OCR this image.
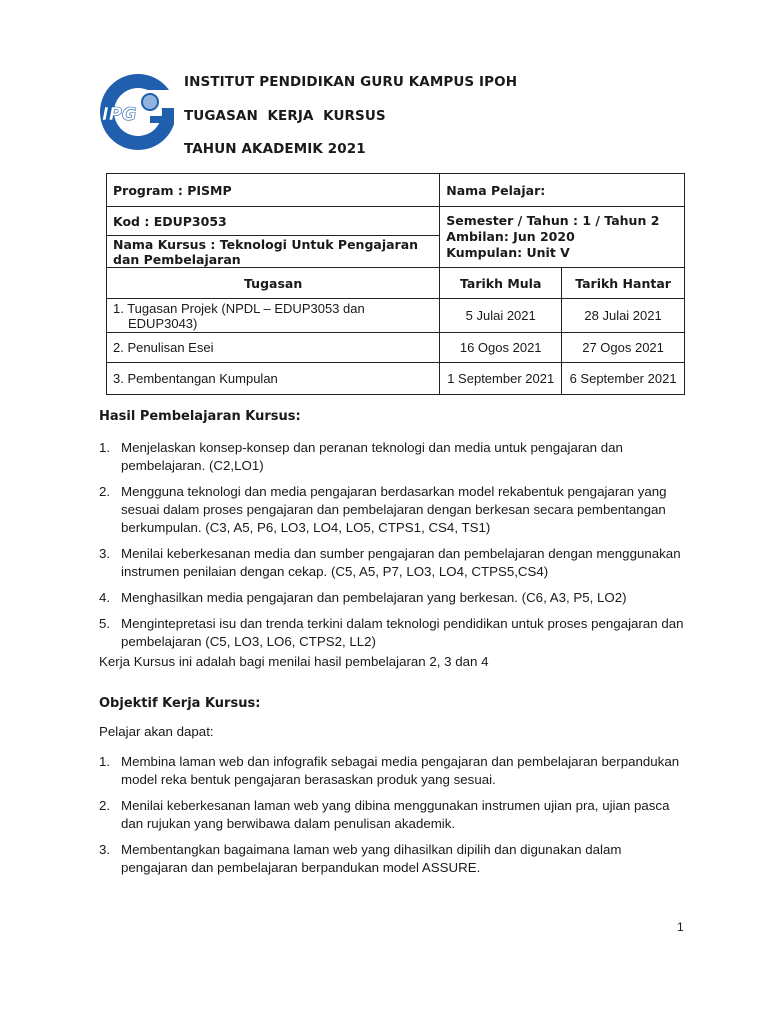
IPG
INSTITUT PENDIDIKAN GURU KAMPUS IPOH
TUGASAN  KERJA  KURSUS
TAHUN AKADEMIK 2021
Program : PISMP	Nama Pelajar:	
Kod : EDUP3053	Semester / Tahun : 1 / Tahun 2
Ambilan: Jun 2020
Kumpulan: Unit V	

Nama Kursus : Teknologi Untuk Pengajaran dan Pembelajaran		
Tugasan	Tarikh Mula	Tarikh Hantar

1. Tugasan Projek (NPDL – EDUP3053 dan
EDUP3043)	5 Julai 2021	28 Julai 2021
2. Penulisan Esei	16 Ogos 2021	27 Ogos 2021
3. Pembentangan Kumpulan	1 September 2021	6 September 2021
Hasil Pembelajaran Kursus:
1. Menjelaskan konsep-konsep dan peranan teknologi dan media untuk pengajaran dan pembelajaran. (C2,LO1)
2. Mengguna teknologi dan media pengajaran berdasarkan model rekabentuk pengajaran yang sesuai dalam proses pengajaran dan pembelajaran dengan berkesan secara pembentangan berkumpulan. (C3, A5, P6, LO3, LO4, LO5, CTPS1, CS4, TS1)
3. Menilai keberkesanan media dan sumber pengajaran dan pembelajaran dengan menggunakan instrumen penilaian dengan cekap. (C5, A5, P7, LO3, LO4, CTPS5,CS4)
4. Menghasilkan media pengajaran dan pembelajaran yang berkesan. (C6, A3, P5, LO2)
5. Mengintepretasi isu dan trenda terkini dalam teknologi pendidikan untuk proses pengajaran dan pembelajaran (C5, LO3, LO6, CTPS2, LL2)
Kerja Kursus ini adalah bagi menilai hasil pembelajaran 2, 3 dan 4
Objektif Kerja Kursus:
Pelajar akan dapat:
1. Membina laman web dan infografik sebagai media pengajaran dan pembelajaran berpandukan model reka bentuk pengajaran berasaskan produk yang sesuai.
2. Menilai keberkesanan laman web yang dibina menggunakan instrumen ujian pra, ujian pasca dan rujukan yang berwibawa dalam penulisan akademik.
3. Membentangkan bagaimana laman web yang dihasilkan dipilih dan digunakan dalam pengajaran dan pembelajaran berpandukan model ASSURE.
1
